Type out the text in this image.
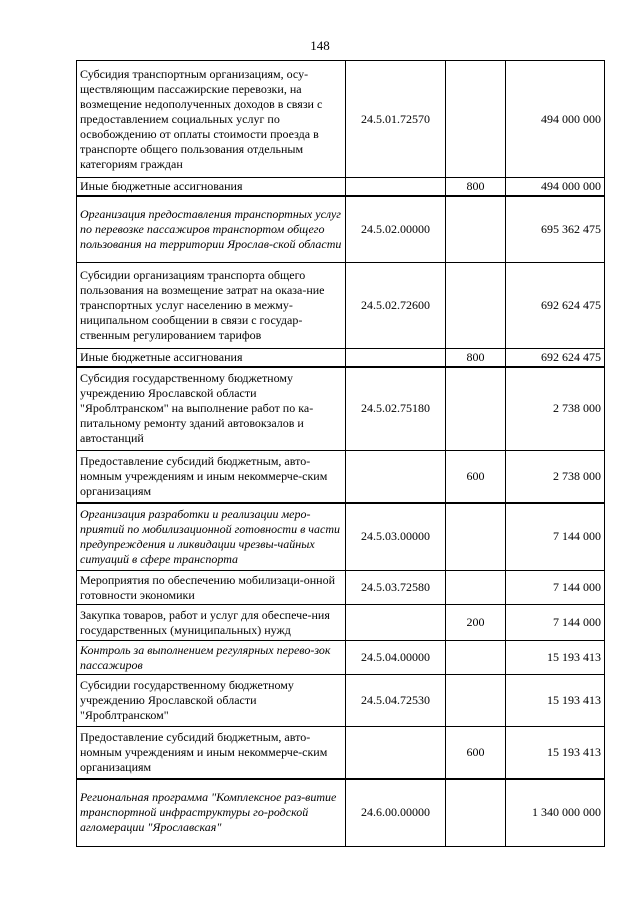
148
Субсидия транспортным организациям, осу-ществляющим пассажирские перевозки, на возмещение недополученных доходов в связи с предоставлением социальных услуг по освобождению от оплаты стоимости проезда в транспорте общего пользования отдельным категориям граждан	24.5.01.72570		494 000 000
Иные бюджетные ассигнования		800	494 000 000
Организация предоставления транспортных услуг по перевозке пассажиров транспортом общего пользования на территории Ярослав-ской области	24.5.02.00000		695 362 475
Субсидии организациям транспорта общего пользования на возмещение затрат на оказа-ние транспортных услуг населению в межму-ниципальном сообщении в связи с государ-ственным регулированием тарифов	24.5.02.72600		692 624 475
Иные бюджетные ассигнования		800	692 624 475
Субсидия государственному бюджетному учреждению Ярославской области "Яроблтранском" на выполнение работ по ка-питальному ремонту зданий автовокзалов и автостанций	24.5.02.75180		2 738 000
Предоставление субсидий бюджетным, авто-номным учреждениям и иным некоммерче-ским организациям		600	2 738 000
Организация разработки и реализации меро-приятий по мобилизационной готовности в части предупреждения и ликвидации чрезвы-чайных ситуаций в сфере транспорта	24.5.03.00000		7 144 000
Мероприятия по обеспечению мобилизаци-онной готовности экономики	24.5.03.72580		7 144 000
Закупка товаров, работ и услуг для обеспече-ния государственных (муниципальных) нужд		200	7 144 000
Контроль за выполнением регулярных перево-зок пассажиров	24.5.04.00000		15 193 413
Субсидии государственному бюджетному учреждению Ярославской области "Яроблтранском"	24.5.04.72530		15 193 413
Предоставление субсидий бюджетным, авто-номным учреждениям и иным некоммерче-ским организациям		600	15 193 413
Региональная программа "Комплексное раз-витие транспортной инфраструктуры го-родской агломерации "Ярославская"	24.6.00.00000		1 340 000 000
